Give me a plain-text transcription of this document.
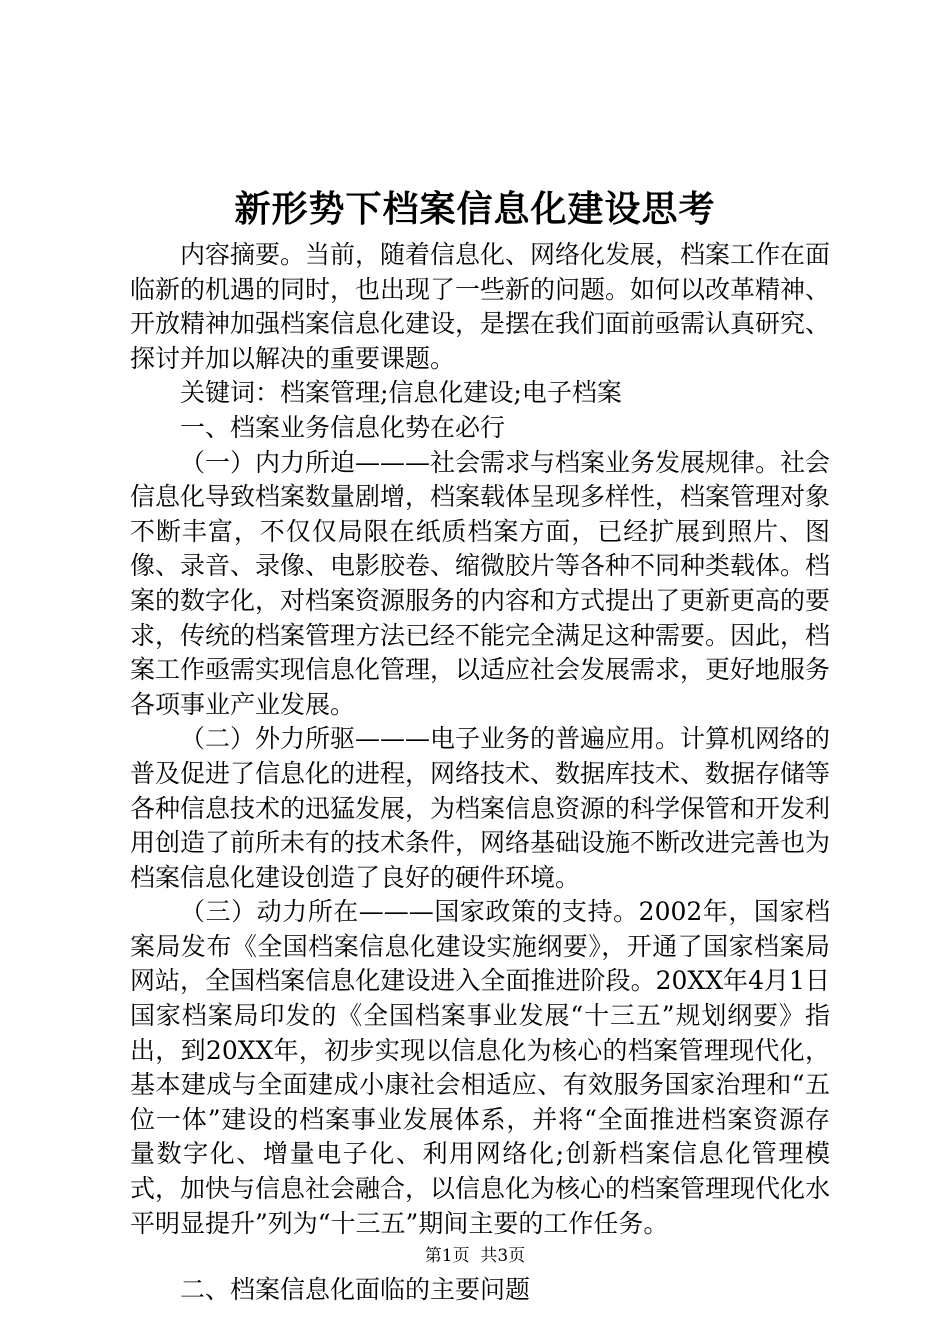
新形势下档案信息化建设思考

内容摘要。当前，随着信息化、网络化发展，档案工作在面临新的机遇的同时，也出现了一些新的问题。如何以改革精神、开放精神加强档案信息化建设，是摆在我们面前亟需认真研究、探讨并加以解决的重要课题。

关键词：档案管理;信息化建设;电子档案

一、档案业务信息化势在必行

（一）内力所迫———社会需求与档案业务发展规律。社会信息化导致档案数量剧增，档案载体呈现多样性，档案管理对象不断丰富，不仅仅局限在纸质档案方面，已经扩展到照片、图像、录音、录像、电影胶卷、缩微胶片等各种不同种类载体。档案的数字化，对档案资源服务的内容和方式提出了更新更高的要求，传统的档案管理方法已经不能完全满足这种需要。因此，档案工作亟需实现信息化管理，以适应社会发展需求，更好地服务各项事业产业发展。

（二）外力所驱———电子业务的普遍应用。计算机网络的普及促进了信息化的进程，网络技术、数据库技术、数据存储等各种信息技术的迅猛发展，为档案信息资源的科学保管和开发利用创造了前所未有的技术条件，网络基础设施不断改进完善也为档案信息化建设创造了良好的硬件环境。

（三）动力所在———国家政策的支持。2002年，国家档案局发布《全国档案信息化建设实施纲要》，开通了国家档案局网站，全国档案信息化建设进入全面推进阶段。20XX年4月1日国家档案局印发的《全国档案事业发展“十三五”规划纲要》指出，到20XX年，初步实现以信息化为核心的档案管理现代化，基本建成与全面建成小康社会相适应、有效服务国家治理和“五位一体”建设的档案事业发展体系，并将“全面推进档案资源存量数字化、增量电子化、利用网络化;创新档案信息化管理模式，加快与信息社会融合，以信息化为核心的档案管理现代化水平明显提升”列为“十三五”期间主要的工作任务。

二、档案信息化面临的主要问题

第1页 共3页
